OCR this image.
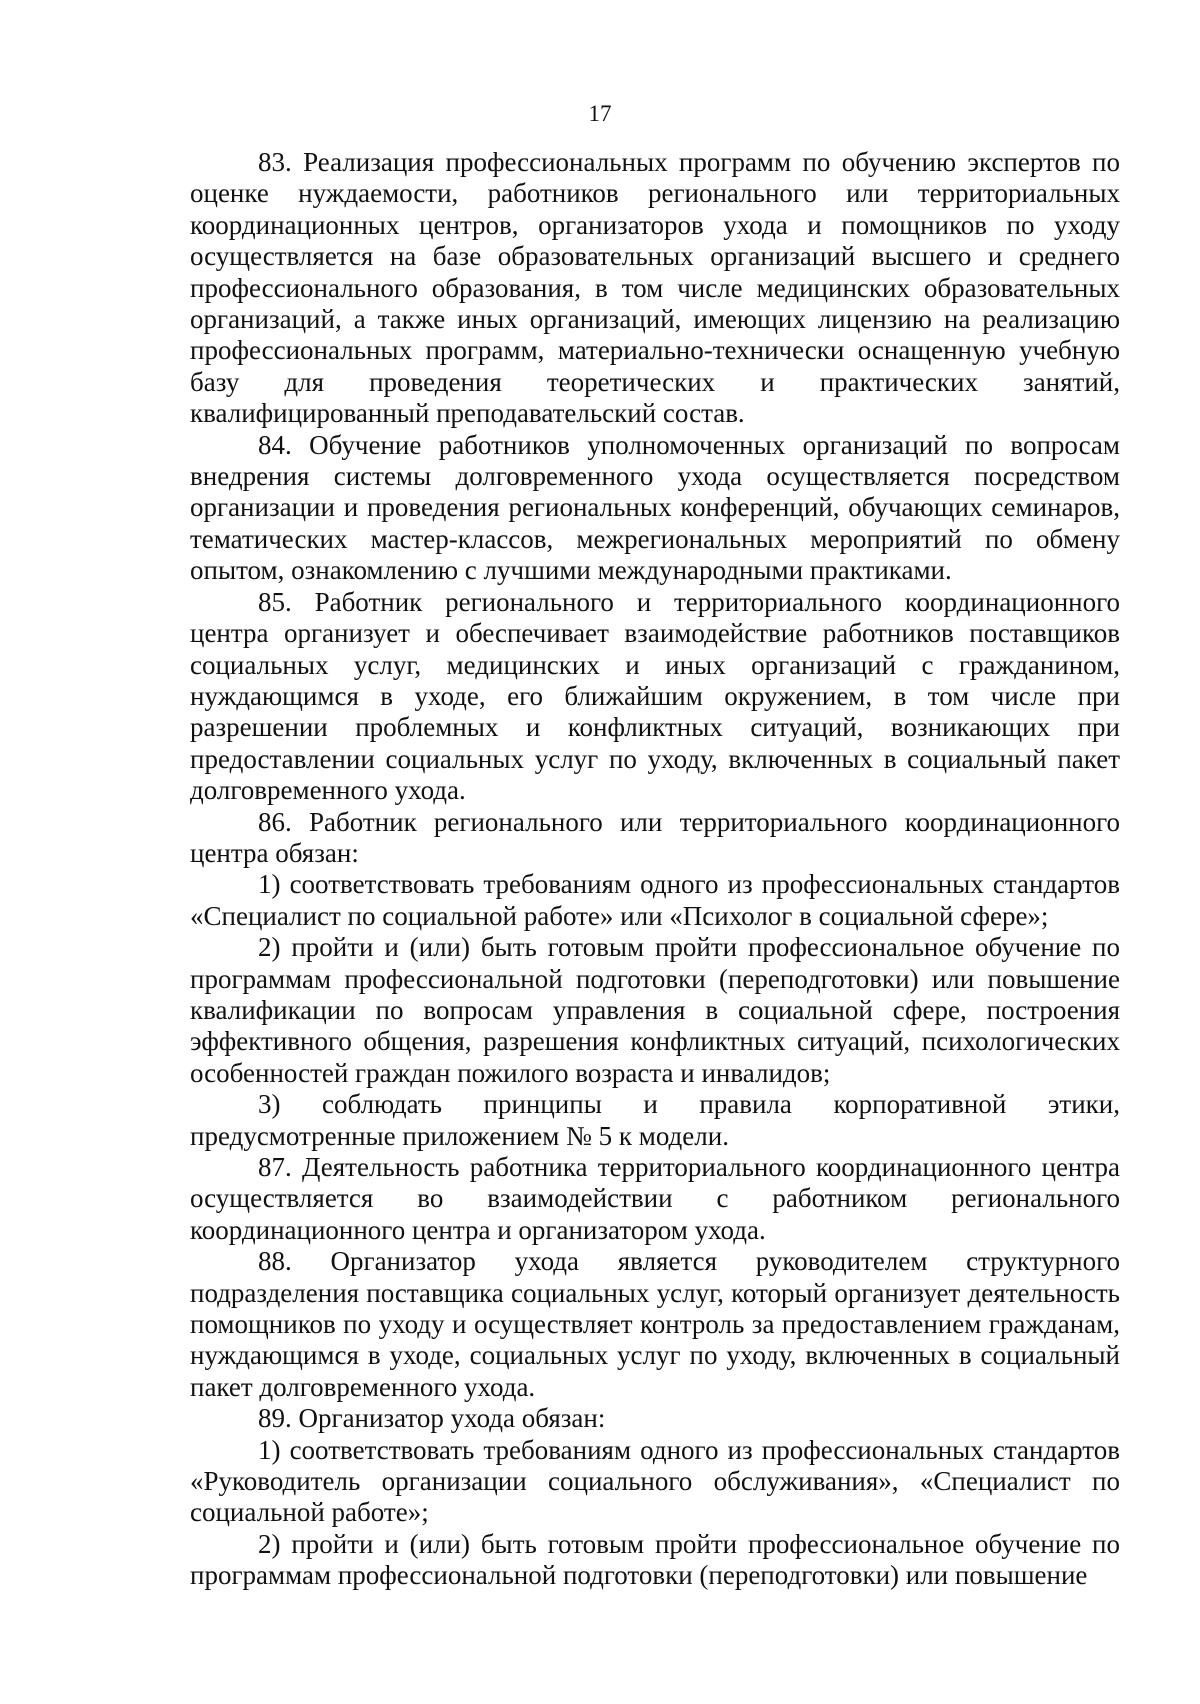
17

83. Реализация профессиональных программ по обучению экспертов по оценке нуждаемости, работников регионального или территориальных координационных центров, организаторов ухода и помощников по уходу осуществляется на базе образовательных организаций высшего и среднего профессионального образования, в том числе медицинских образовательных организаций, а также иных организаций, имеющих лицензию на реализацию профессиональных программ, материально-технически оснащенную учебную базу для проведения теоретических и практических занятий, квалифицированный преподавательский состав.

84. Обучение работников уполномоченных организаций по вопросам внедрения системы долговременного ухода осуществляется посредством организации и проведения региональных конференций, обучающих семинаров, тематических мастер-классов, межрегиональных мероприятий по обмену опытом, ознакомлению с лучшими международными практиками.

85. Работник регионального и территориального координационного центра организует и обеспечивает взаимодействие работников поставщиков социальных услуг, медицинских и иных организаций с гражданином, нуждающимся в уходе, его ближайшим окружением, в том числе при разрешении проблемных и конфликтных ситуаций, возникающих при предоставлении социальных услуг по уходу, включенных в социальный пакет долговременного ухода.

86. Работник регионального или территориального координационного центра обязан:

1) соответствовать требованиям одного из профессиональных стандартов «Специалист по социальной работе» или «Психолог в социальной сфере»;

2) пройти и (или) быть готовым пройти профессиональное обучение по программам профессиональной подготовки (переподготовки) или повышение квалификации по вопросам управления в социальной сфере, построения эффективного общения, разрешения конфликтных ситуаций, психологических особенностей граждан пожилого возраста и инвалидов;

3) соблюдать принципы и правила корпоративной этики, предусмотренные приложением № 5 к модели.

87. Деятельность работника территориального координационного центра осуществляется во взаимодействии с работником регионального координационного центра и организатором ухода.

88. Организатор ухода является руководителем структурного подразделения поставщика социальных услуг, который организует деятельность помощников по уходу и осуществляет контроль за предоставлением гражданам, нуждающимся в уходе, социальных услуг по уходу, включенных в социальный пакет долговременного ухода.

89. Организатор ухода обязан:

1) соответствовать требованиям одного из профессиональных стандартов «Руководитель организации социального обслуживания», «Специалист по социальной работе»;

2) пройти и (или) быть готовым пройти профессиональное обучение по программам профессиональной подготовки (переподготовки) или повышение
